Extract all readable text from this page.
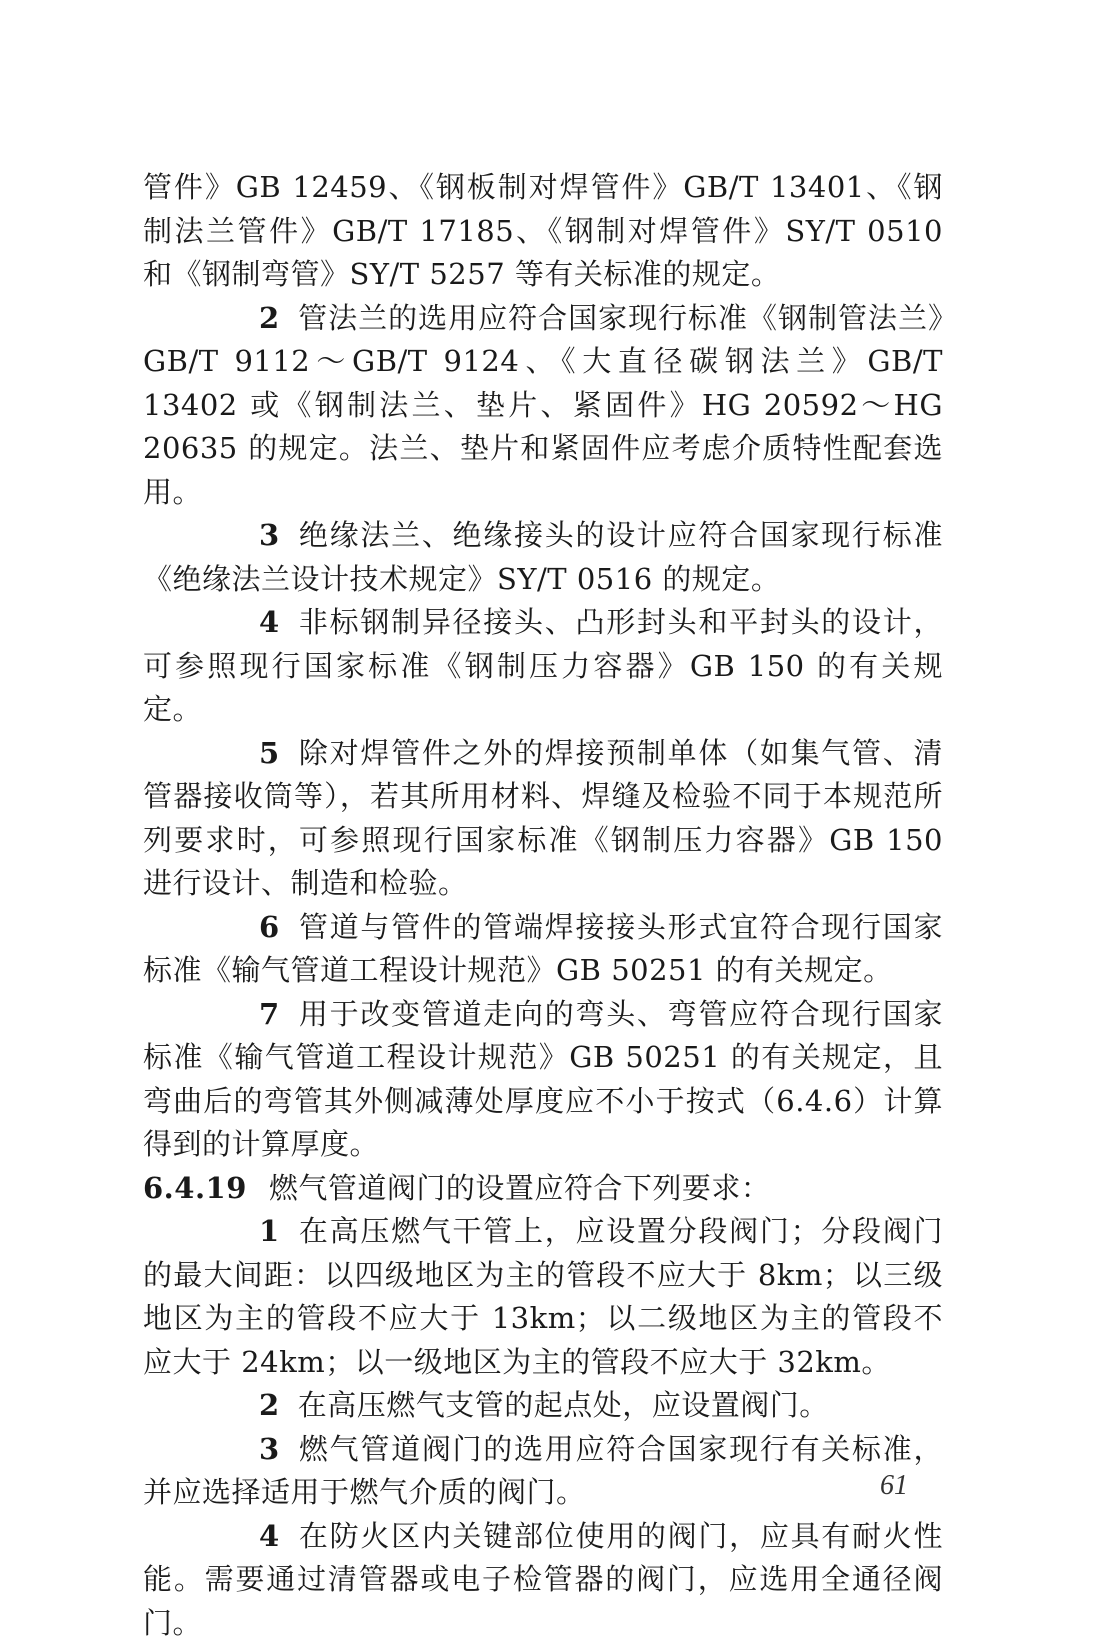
管件》GB 12459、《钢板制对焊管件》GB/T 13401、《钢制法兰管件》GB/T 17185、《钢制对焊管件》SY/T 0510 和《钢制弯管》SY/T 5257 等有关标准的规定。

2 管法兰的选用应符合国家现行标准《钢制管法兰》GB/T 9112～GB/T 9124、《大直径碳钢法兰》GB/T 13402 或《钢制法兰、垫片、紧固件》HG 20592～HG 20635 的规定。法兰、垫片和紧固件应考虑介质特性配套选用。

3 绝缘法兰、绝缘接头的设计应符合国家现行标准《绝缘法兰设计技术规定》SY/T 0516 的规定。

4 非标钢制异径接头、凸形封头和平封头的设计，可参照现行国家标准《钢制压力容器》GB 150 的有关规定。

5 除对焊管件之外的焊接预制单体（如集气管、清管器接收筒等），若其所用材料、焊缝及检验不同于本规范所列要求时，可参照现行国家标准《钢制压力容器》GB 150 进行设计、制造和检验。

6 管道与管件的管端焊接接头形式宜符合现行国家标准《输气管道工程设计规范》GB 50251 的有关规定。

7 用于改变管道走向的弯头、弯管应符合现行国家标准《输气管道工程设计规范》GB 50251 的有关规定，且弯曲后的弯管其外侧减薄处厚度应不小于按式（6.4.6）计算得到的计算厚度。

6.4.19 燃气管道阀门的设置应符合下列要求：

1 在高压燃气干管上，应设置分段阀门；分段阀门的最大间距：以四级地区为主的管段不应大于 8km；以三级地区为主的管段不应大于 13km；以二级地区为主的管段不应大于 24km；以一级地区为主的管段不应大于 32km。

2 在高压燃气支管的起点处，应设置阀门。

3 燃气管道阀门的选用应符合国家现行有关标准，并应选择适用于燃气介质的阀门。

4 在防火区内关键部位使用的阀门，应具有耐火性能。需要通过清管器或电子检管器的阀门，应选用全通径阀门。

61
